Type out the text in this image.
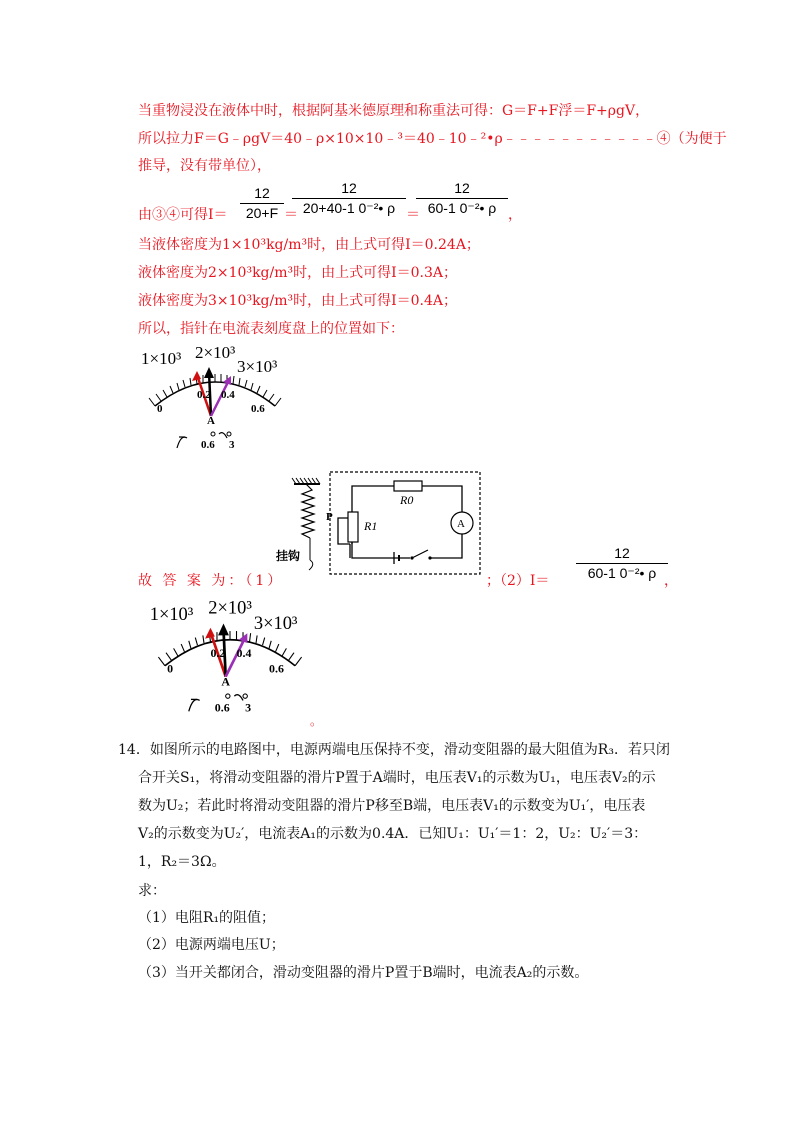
当重物浸没在液体中时，根据阿基米德原理和称重法可得：G＝F+F浮＝F+ρgV，
所以拉力F＝G﹣ρgV＝40﹣ρ×10×10﹣³＝40﹣10﹣²•ρ﹣﹣﹣﹣﹣﹣﹣﹣﹣﹣﹣④（为便于
推导，没有带单位），
由③④可得I＝
12
20+F ＝
12
20+40-1 0⁻²• ρ ＝
12
60-1 0⁻²• ρ ，
当液体密度为1×10³kg/m³时，由上式可得I＝0.24A；
液体密度为2×10³kg/m³时，由上式可得I＝0.3A；
液体密度为3×10³kg/m³时，由上式可得I＝0.4A；
所以，指针在电流表刻度盘上的位置如下：
1×10³ 2×10³
3×10³
0
0.2 0.4
0.6
A
0.6 3
挂钩
R0
R1
P
A
故 答 案 为：（1）	；（2）I＝
12
60-1 0⁻²• ρ ，
1×10³ 2×10³
3×10³
0
0.2 0.4
0.6
A
0.6 3
。
14．如图所示的电路图中，电源两端电压保持不变，滑动变阻器的最大阻值为R₃．若只闭
合开关S₁，将滑动变阻器的滑片P置于A端时，电压表V₁的示数为U₁，电压表V₂的示
数为U₂；若此时将滑动变阻器的滑片P移至B端，电压表V₁的示数变为U₁′，电压表
V₂的示数变为U₂′，电流表A₁的示数为0.4A．已知U₁：U₁′＝1：2，U₂：U₂′＝3：
1，R₂＝3Ω。
求：
（1）电阻R₁的阻值；
（2）电源两端电压U；
（3）当开关都闭合，滑动变阻器的滑片P置于B端时，电流表A₂的示数。
